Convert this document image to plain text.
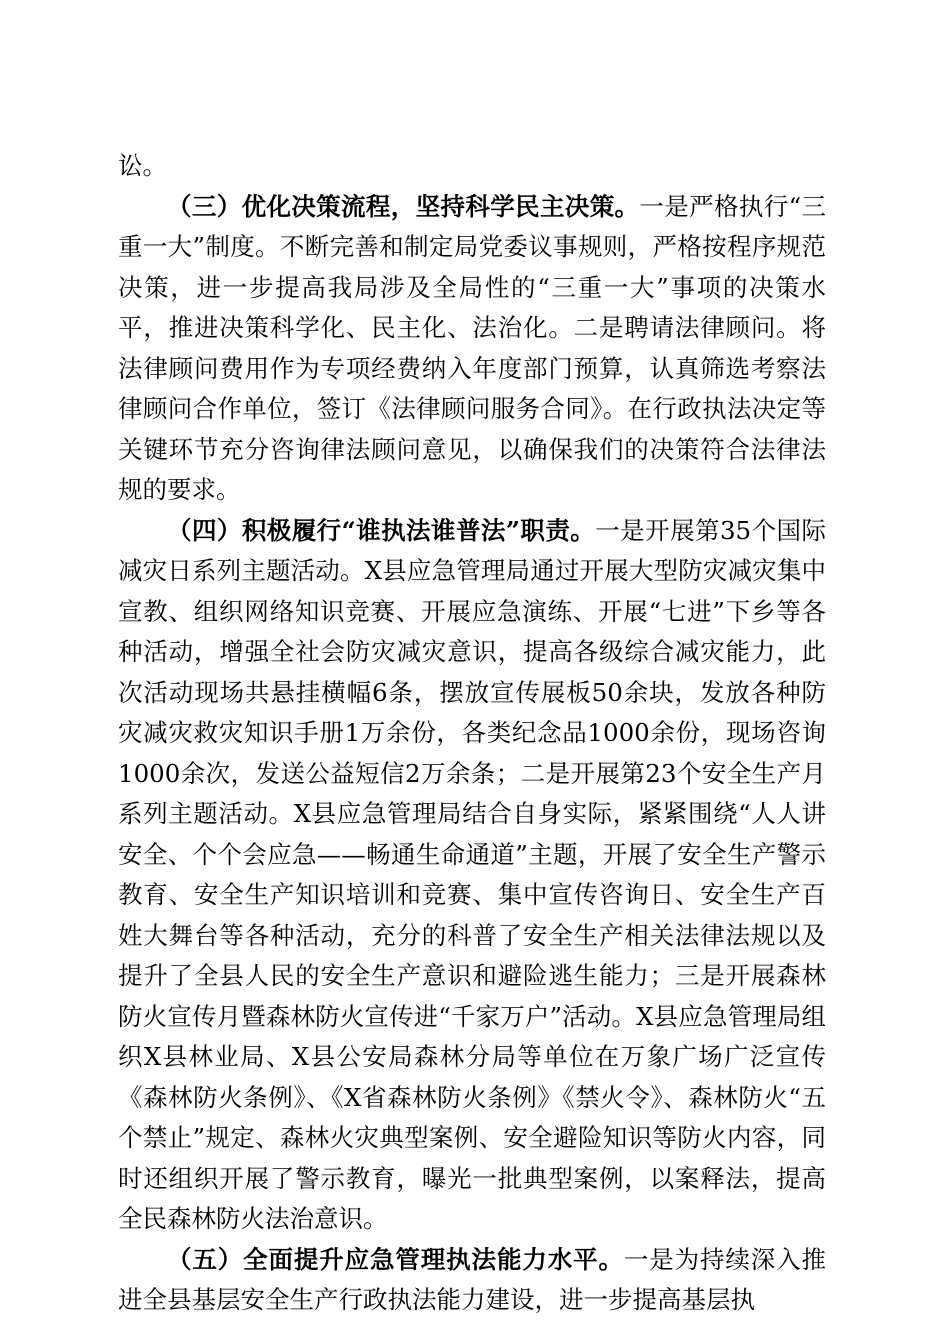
讼。

（三）优化决策流程，坚持科学民主决策。一是严格执行“三重一大”制度。不断完善和制定局党委议事规则，严格按程序规范决策，进一步提高我局涉及全局性的“三重一大”事项的决策水平，推进决策科学化、民主化、法治化。二是聘请法律顾问。将法律顾问费用作为专项经费纳入年度部门预算，认真筛选考察法律顾问合作单位，签订《法律顾问服务合同》。在行政执法决定等关键环节充分咨询律法顾问意见，以确保我们的决策符合法律法规的要求。

（四）积极履行“谁执法谁普法”职责。一是开展第35个国际减灾日系列主题活动。X县应急管理局通过开展大型防灾减灾集中宣教、组织网络知识竞赛、开展应急演练、开展“七进”下乡等各种活动，增强全社会防灾减灾意识，提高各级综合减灾能力，此次活动现场共悬挂横幅6条，摆放宣传展板50余块，发放各种防灾减灾救灾知识手册1万余份，各类纪念品1000余份，现场咨询1000余次，发送公益短信2万余条；二是开展第23个安全生产月系列主题活动。X县应急管理局结合自身实际，紧紧围绕“人人讲安全、个个会应急——畅通生命通道”主题，开展了安全生产警示教育、安全生产知识培训和竞赛、集中宣传咨询日、安全生产百姓大舞台等各种活动，充分的科普了安全生产相关法律法规以及提升了全县人民的安全生产意识和避险逃生能力；三是开展森林防火宣传月暨森林防火宣传进“千家万户”活动。X县应急管理局组织X县林业局、X县公安局森林分局等单位在万象广场广泛宣传《森林防火条例》、《X省森林防火条例》《禁火令》、森林防火“五个禁止”规定、森林火灾典型案例、安全避险知识等防火内容，同时还组织开展了警示教育，曝光一批典型案例，以案释法，提高全民森林防火法治意识。

（五）全面提升应急管理执法能力水平。一是为持续深入推进全县基层安全生产行政执法能力建设，进一步提高基层执
